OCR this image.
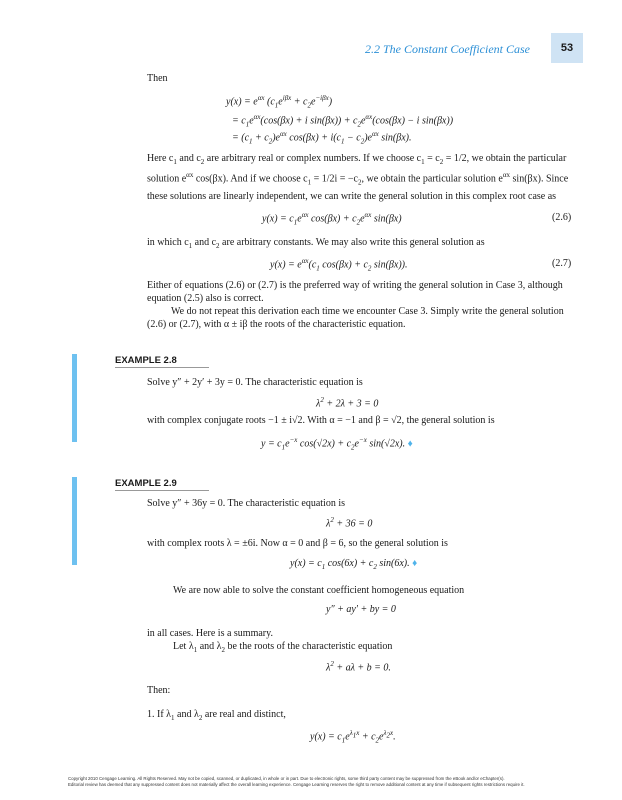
2.2 The Constant Coefficient Case	53
Then
$y(x) = e^{\alpha x}$ $(c_1e^{i\beta x} + c_2e^{-i\beta x})$
= $c_1e^{\alpha x}(\cos(\beta x) + i$ $\sin(\beta x)) + c_2e^{\alpha x}(\cos(\beta x) - i$ sin(βx))
= $(c_1 + c_2)e^{\alpha x}$ $\cos(\beta x) + i(c_1 - c_2)e^{\alpha x}$ sin(βx).
Here $c_1$ and $c_2$ are arbitrary real or complex numbers. If we choose $c_1 = c_2 = 1/2$, we obtain the particular solution $e^{\alpha x}$ cos(βx). And if we choose $c_1 = 1/2i = -c_2$, we obtain the particular solution $e^{\alpha x}$ sin(βx). Since these solutions are linearly independent, we can write the general solution in this complex root case as
$y(x) = c_1e^{\alpha x}$ $\cos(\beta x) + c_2e^{\alpha x}$ sin(βx)	(2.6)
in which $c_1$ and $c_2$ are arbitrary constants. We may also write this general solution as
$y(x) = e^{\alpha x}(c_1$ $\cos(\beta x) + c_2$ sin(βx)).	(2.7)
Either of equations (2.6) or (2.7) is the preferred way of writing the general solution in Case 3, although equation (2.5) also is correct.
We do not repeat this derivation each time we encounter Case 3. Simply write the general solution (2.6) or (2.7), with α ± iβ the roots of the characteristic equation.
EXAMPLE 2.8
Solve y″ + 2y′ + 3y = 0. The characteristic equation is
$\lambda^2 + 2\lambda + 3 = 0$
with complex conjugate roots −1 ± i√2. With α = −1 and β = √2, the general solution is
$y = c_1e^{-x}$ $\cos(√2x) + c_2e^{-x}$ sin(√2x). ♦
EXAMPLE 2.9
Solve y″ + 36y = 0. The characteristic equation is
$\lambda^2 + 36 = 0$
with complex roots λ = ±6i. Now α = 0 and β = 6, so the general solution is
$y(x) = c_1$ $\cos(6x) + c_2$ sin(6x). ♦
We are now able to solve the constant coefficient homogeneous equation
y″ + ay′ + by = 0
in all cases. Here is a summary.
Let $\lambda_1$ and $\lambda_2$ be the roots of the characteristic equation
$\lambda^2 + a\lambda + b = 0$.
Then:
1. If $\lambda_1$ and $\lambda_2$ are real and distinct,
$y(x) = c_1e^{\lambda_1x} + c_2e^{\lambda_2x}$.
Copyright 2010 Cengage Learning. All Rights Reserved. May not be copied, scanned, or duplicated, in whole or in part. Due to electronic rights, some third party content may be suppressed from the eBook and/or eChapter(s).
Editorial review has deemed that any suppressed content does not materially affect the overall learning experience. Cengage Learning reserves the right to remove additional content at any time if subsequent rights restrictions require it.
